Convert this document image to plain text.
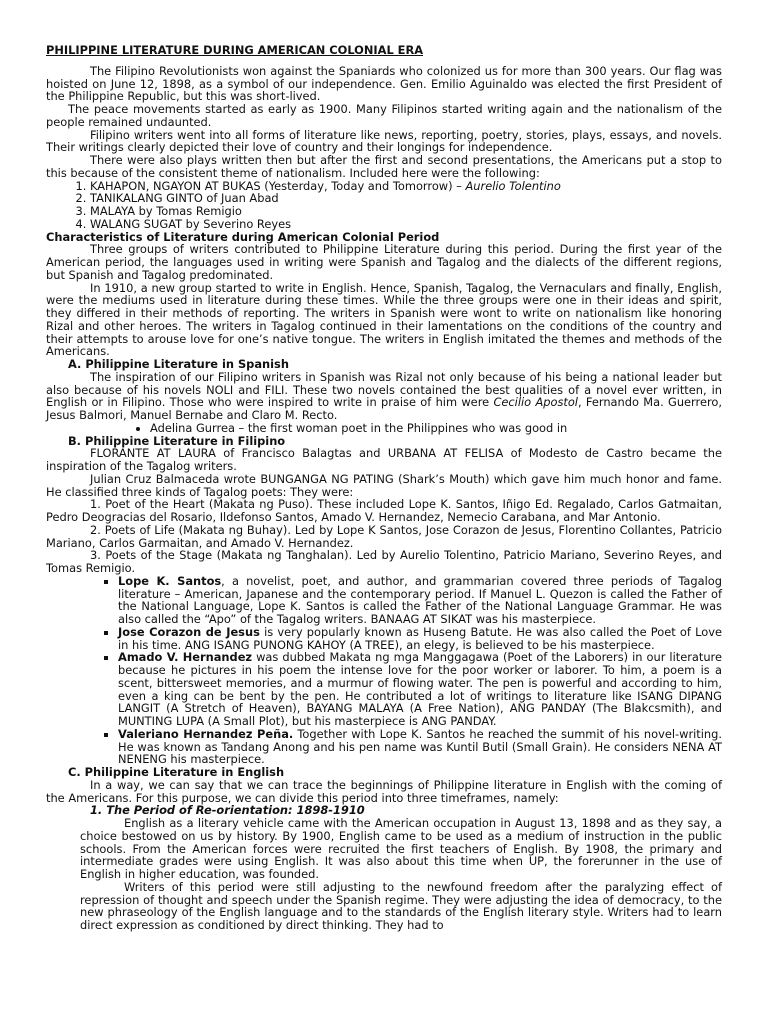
PHILIPPINE LITERATURE DURING AMERICAN COLONIAL ERA

The Filipino Revolutionists won against the Spaniards who colonized us for more than 300 years. Our flag was hoisted on June 12, 1898, as a symbol of our independence. Gen. Emilio Aguinaldo was elected the first President of the Philippine Republic, but this was short-lived.

The peace movements started as early as 1900. Many Filipinos started writing again and the nationalism of the people remained undaunted.

Filipino writers went into all forms of literature like news, reporting, poetry, stories, plays, essays, and novels. Their writings clearly depicted their love of country and their longings for independence.

There were also plays written then but after the first and second presentations, the Americans put a stop to this because of the consistent theme of nationalism. Included here were the following:

1. KAHAPON, NGAYON AT BUKAS (Yesterday, Today and Tomorrow) – Aurelio Tolentino
2. TANIKALANG GINTO of Juan Abad
3. MALAYA by Tomas Remigio
4. WALANG SUGAT by Severino Reyes

Characteristics of Literature during American Colonial Period

Three groups of writers contributed to Philippine Literature during this period. During the first year of the American period, the languages used in writing were Spanish and Tagalog and the dialects of the different regions, but Spanish and Tagalog predominated.

In 1910, a new group started to write in English. Hence, Spanish, Tagalog, the Vernaculars and finally, English, were the mediums used in literature during these times. While the three groups were one in their ideas and spirit, they differed in their methods of reporting. The writers in Spanish were wont to write on nationalism like honoring Rizal and other heroes. The writers in Tagalog continued in their lamentations on the conditions of the country and their attempts to arouse love for one’s native tongue. The writers in English imitated the themes and methods of the Americans.

A. Philippine Literature in Spanish

The inspiration of our Filipino writers in Spanish was Rizal not only because of his being a national leader but also because of his novels NOLI and FILI. These two novels contained the best qualities of a novel ever written, in English or in Filipino. Those who were inspired to write in praise of him were Cecilio Apostol, Fernando Ma. Guerrero, Jesus Balmori, Manuel Bernabe and Claro M. Recto.

• Adelina Gurrea – the first woman poet in the Philippines who was good in

B. Philippine Literature in Filipino

FLORANTE AT LAURA of Francisco Balagtas and URBANA AT FELISA of Modesto de Castro became the inspiration of the Tagalog writers.

Julian Cruz Balmaceda wrote BUNGANGA NG PATING (Shark’s Mouth) which gave him much honor and fame. He classified three kinds of Tagalog poets: They were:

1. Poet of the Heart (Makata ng Puso). These included Lope K. Santos, Iñigo Ed. Regalado, Carlos Gatmaitan, Pedro Deogracias del Rosario, Ildefonso Santos, Amado V. Hernandez, Nemecio Carabana, and Mar Antonio.

2. Poets of Life (Makata ng Buhay). Led by Lope K Santos, Jose Corazon de Jesus, Florentino Collantes, Patricio Mariano, Carlos Garmaitan, and Amado V. Hernandez.

3. Poets of the Stage (Makata ng Tanghalan). Led by Aurelio Tolentino, Patricio Mariano, Severino Reyes, and Tomas Remigio.

▪ Lope K. Santos, a novelist, poet, and author, and grammarian covered three periods of Tagalog literature – American, Japanese and the contemporary period. If Manuel L. Quezon is called the Father of the National Language, Lope K. Santos is called the Father of the National Language Grammar. He was also called the “Apo” of the Tagalog writers. BANAAG AT SIKAT was his masterpiece.
▪ Jose Corazon de Jesus is very popularly known as Huseng Batute. He was also called the Poet of Love in his time. ANG ISANG PUNONG KAHOY (A TREE), an elegy, is believed to be his masterpiece.
▪ Amado V. Hernandez was dubbed Makata ng mga Manggagawa (Poet of the Laborers) in our literature because he pictures in his poem the intense love for the poor worker or laborer. To him, a poem is a scent, bittersweet memories, and a murmur of flowing water. The pen is powerful and according to him, even a king can be bent by the pen. He contributed a lot of writings to literature like ISANG DIPANG LANGIT (A Stretch of Heaven), BAYANG MALAYA (A Free Nation), ANG PANDAY (The Blakcsmith), and MUNTING LUPA (A Small Plot), but his masterpiece is ANG PANDAY.
▪ Valeriano Hernandez Peña. Together with Lope K. Santos he reached the summit of his novel-writing. He was known as Tandang Anong and his pen name was Kuntil Butil (Small Grain). He considers NENA AT NENENG his masterpiece.

C. Philippine Literature in English

In a way, we can say that we can trace the beginnings of Philippine literature in English with the coming of the Americans. For this purpose, we can divide this period into three timeframes, namely:

1. The Period of Re-orientation: 1898-1910

English as a literary vehicle came with the American occupation in August 13, 1898 and as they say, a choice bestowed on us by history. By 1900, English came to be used as a medium of instruction in the public schools. From the American forces were recruited the first teachers of English. By 1908, the primary and intermediate grades were using English. It was also about this time when UP, the forerunner in the use of English in higher education, was founded.

Writers of this period were still adjusting to the newfound freedom after the paralyzing effect of repression of thought and speech under the Spanish regime. They were adjusting the idea of democracy, to the new phraseology of the English language and to the standards of the English literary style. Writers had to learn direct expression as conditioned by direct thinking. They had to
